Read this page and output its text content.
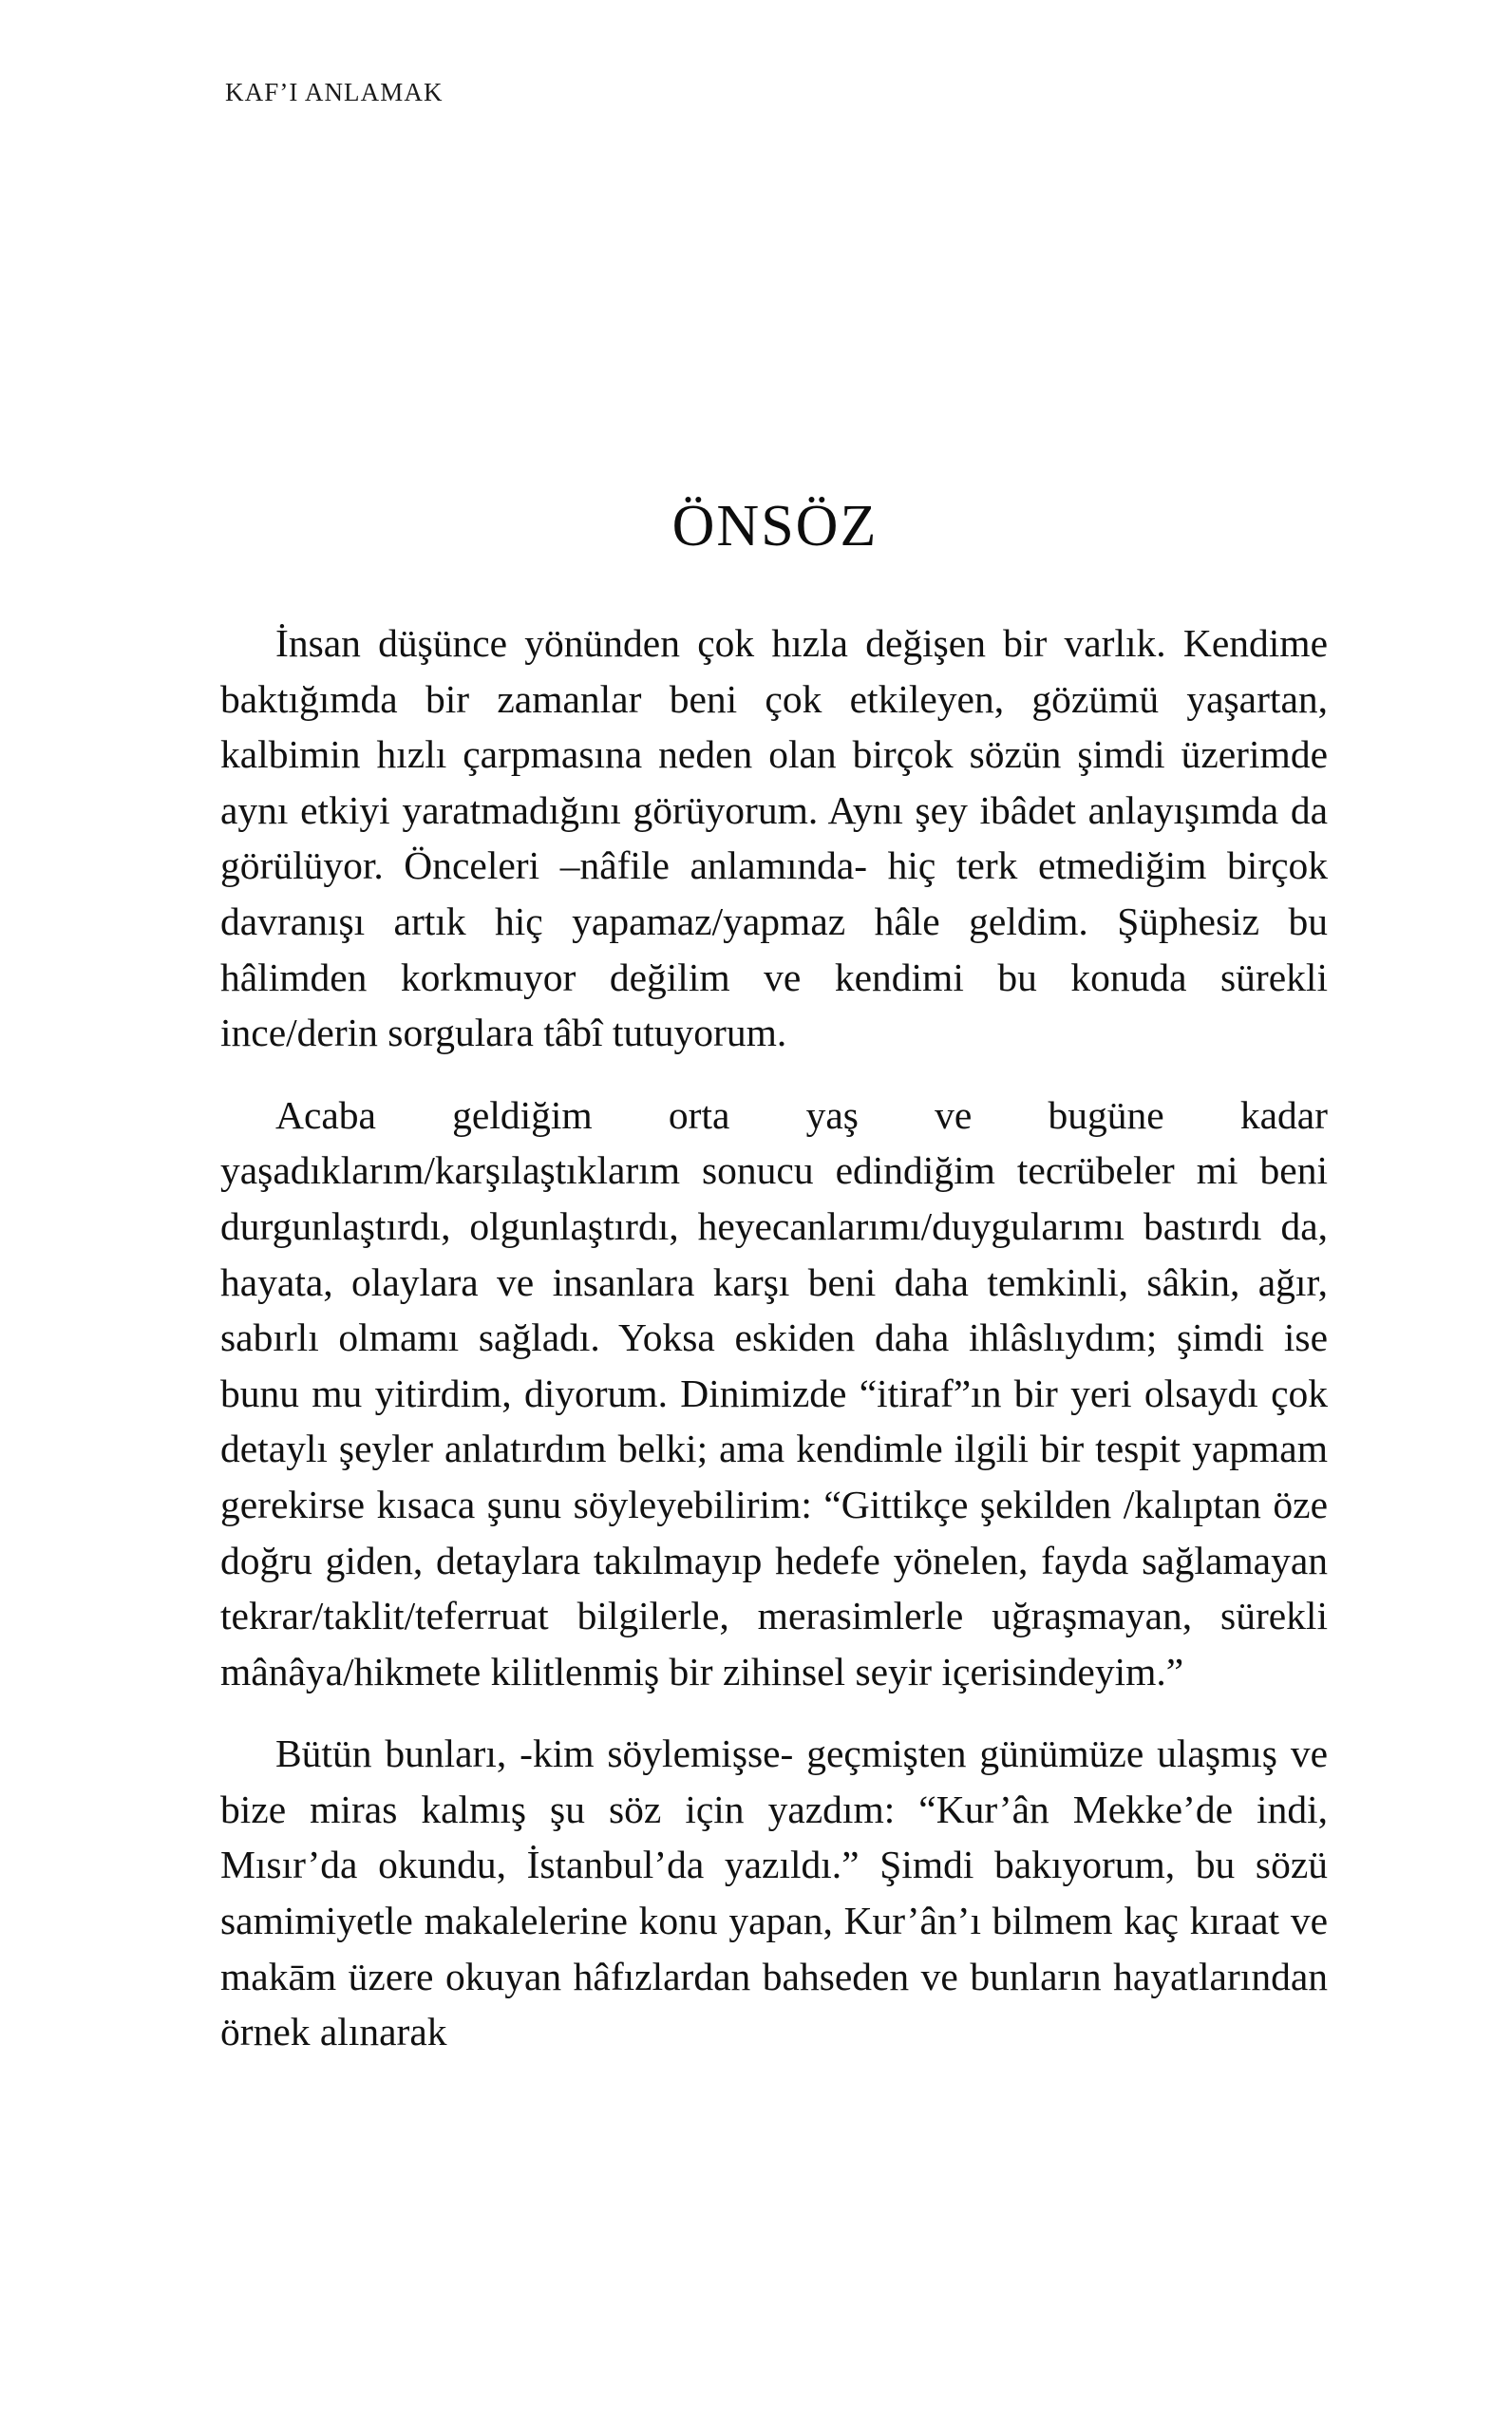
KAF’I ANLAMAK
ÖNSÖZ

İnsan düşünce yönünden çok hızla değişen bir varlık. Kendime baktığımda bir zamanlar beni çok etkileyen, gözümü yaşartan, kalbimin hızlı çarpmasına neden olan birçok sözün şimdi üzerimde aynı etkiyi yaratmadığını görüyorum. Aynı şey ibâdet anlayışımda da görülüyor. Önceleri –nâfile anlamında- hiç terk etmediğim birçok davranışı artık hiç yapamaz/yapmaz hâle geldim. Şüphesiz bu hâlimden korkmuyor değilim ve kendimi bu konuda sürekli ince/derin sorgulara tâbî tutuyorum.

Acaba geldiğim orta yaş ve bugüne kadar yaşadıklarım/karşılaştıklarım sonucu edindiğim tecrübeler mi beni durgunlaştırdı, olgunlaştırdı, heyecanlarımı/duygularımı bastırdı da, hayata, olaylara ve insanlara karşı beni daha temkinli, sâkin, ağır, sabırlı olmamı sağladı. Yoksa eskiden daha ihlâslıydım; şimdi ise bunu mu yitirdim, diyorum. Dinimizde “itiraf”ın bir yeri olsaydı çok detaylı şeyler anlatırdım belki; ama kendimle ilgili bir tespit yapmam gerekirse kısaca şunu söyleyebilirim: “Gittikçe şekilden /kalıptan öze doğru giden, detaylara takılmayıp hedefe yönelen, fayda sağlamayan tekrar/taklit/teferruat bilgilerle, merasimlerle uğraşmayan, sürekli mânâya/hikmete kilitlenmiş bir zihinsel seyir içerisindeyim.”

Bütün bunları, -kim söylemişse- geçmişten günümüze ulaşmış ve bize miras kalmış şu söz için yazdım: “Kur’ân Mekke’de indi, Mısır’da okundu, İstanbul’da yazıldı.” Şimdi bakıyorum, bu sözü samimiyetle makalelerine konu yapan, Kur’ân’ı bilmem kaç kıraat ve makām üzere okuyan hâfızlardan bahseden ve bunların hayatlarından örnek alınarak
